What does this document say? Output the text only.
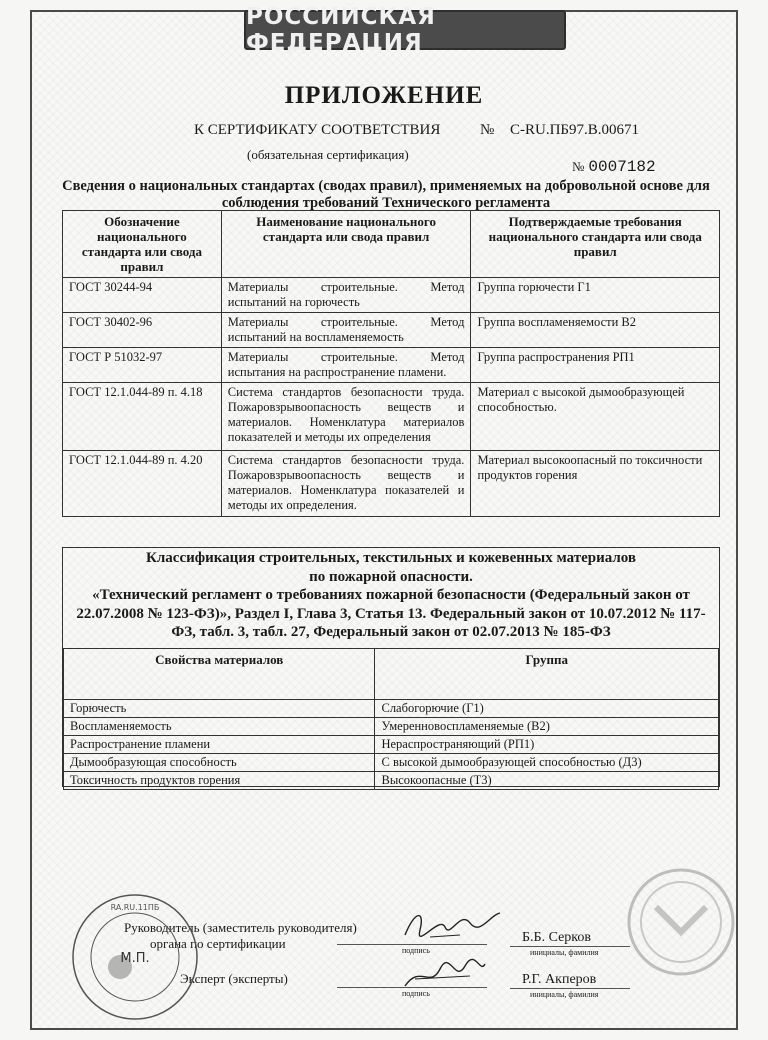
РОССИЙСКАЯ ФЕДЕРАЦИЯ
ПРИЛОЖЕНИЕ
К СЕРТИФИКАТУ СООТВЕТСТВИЯ	№ С-RU.ПБ97.В.00671
(обязательная сертификация)
№ 0007182
Сведения о национальных стандартах (сводах правил), применяемых на добровольной основе для соблюдения требований Технического регламента
Обозначение национального стандарта или свода правил	Наименование национального стандарта или свода правил	Подтверждаемые требования национального стандарта или свода правил
ГОСТ 30244-94	Материалы строительные. Метод испытаний на горючесть	Группа горючести Г1
ГОСТ 30402-96	Материалы строительные. Метод испытаний на воспламеняемость	Группа воспламеняемости В2
ГОСТ Р 51032-97	Материалы строительные. Метод испытания на распространение пламени.	Группа распространения РП1
ГОСТ 12.1.044-89 п. 4.18	Система стандартов безопасности труда. Пожаровзрывоопасность веществ и материалов. Номенклатура материалов показателей и методы их определения	Материал с высокой дымообразующей способностью.
ГОСТ 12.1.044-89 п. 4.20	Система стандартов безопасности труда. Пожаровзрывоопасность веществ и материалов. Номенклатура показателей и методы их определения.	Материал высокоопасный по токсичности продуктов горения
Классификация строительных, текстильных и кожевенных материалов
по пожарной опасности.
«Технический регламент о требованиях пожарной безопасности (Федеральный закон от 22.07.2008 № 123-ФЗ)», Раздел I, Глава 3, Статья 13. Федеральный закон от 10.07.2012 № 117-ФЗ, табл. 3, табл. 27, Федеральный закон от 02.07.2013 № 185-ФЗ
Свойства материалов	Группа
Горючесть	Слабогорючие (Г1)
Воспламеняемость	Умеренновоспламеняемые (В2)
Распространение пламени	Нераспространяющий (РП1)
Дымообразующая способность	С высокой дымообразующей способностью (Д3)
Токсичность продуктов горения	Высокоопасные (Т3)
Руководитель (заместитель руководителя)
органа по сертификации	подпись
Б.Б. Серков
инициалы, фамилия
Эксперт (эксперты)
подпись
Р.Г. Акперов
инициалы, фамилия
RA.RU.11ПБ
М.П.
